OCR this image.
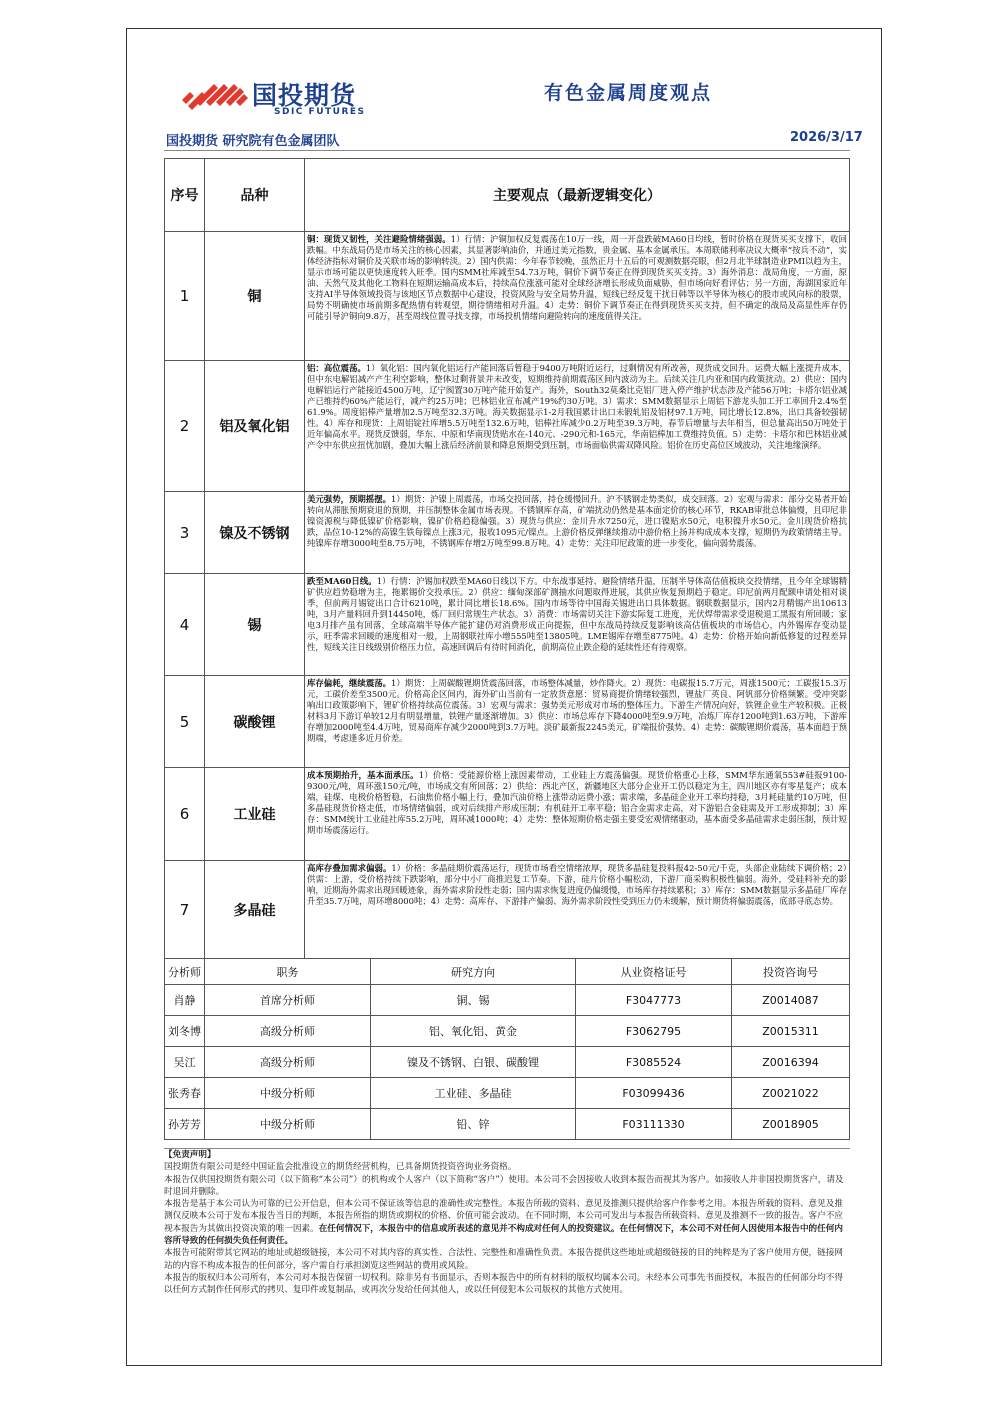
国投期货
SDIC FUTURES
有色金属周度观点
国投期货 研究院有色金属团队	2026/3/17
序号	品种	主要观点（最新逻辑变化）
1	铜	铜：现货又韧性，关注避险情绪强弱。1）行情：沪铜加权反复震荡在10万一线，周一开盘跌破MA60日均线，暂时价格在现货买买支撑下，收回跌幅。中东战局仍是市场关注的核心因素，其显著影响油价，并通过美元指数，贵金属、基本金属承压。本周联储利率决议大概率“按兵不动”，实体经济指标对铜价及关联市场的影响转淡。2）国内供需：今年春节较晚，虽然正月十五后的可观测数据亮眼，但2月北半球制造业PMI以趋为主，显示市场可能以更快速度转入旺季。国内SMM社库减至54.73万吨，铜价下调节奏正在得到现货买买支持。3）海外消息：战局角度，一方面，原油、天然气及其他化工物料在短期运输高成本后，持续高位涨涨可能对全球经济增长形成负面威胁，但市场向好看评估；另一方面，海湖国家近年支持AI半导体领域投资与该地区节点数据中心建设，投资风险与安全局势升温，短线已经反复干扰日韩等以半导体为核心的股市或风向标的股票，局势不明确使市场前期多配热情有转观望，期待情绪相对升温。4）走势：铜价下调节奏正在得到现货买买支持，但不确定的战局及高显性库存仍可能引导沪铜向9.8万，甚至周线位置寻找支撑，市场投机情绪向避险转向的速度值得关注。

2	铝及氧化铝	铝：高位震荡。1）氧化铝：国内氧化铝运行产能回落后暂稳于9400万吨附近运行，过剩情况有所改善，现货成交回升。运费大幅上涨提升成本，但中东电解铝减产产生利空影响，整体过剩背景并未改变，短期维持前期震荡区间内波动为主。后续关注几内亚和国内政策扰动。2）供应：国内电解铝运行产能接近4500万吨，辽宁阂置30万吨产能开始复产。海外，South32莫桑比克铝厂进入停产维护状态涉及产能56万吨；卡塔尔铝业减产已维持约60%产能运行，减产约25万吨；巴林铝业宣布减产19%约30万吨。3）需求：SMM数据显示上周铝下游龙头加工开工率回升2.4%至61.9%。周度铝棒产量增加2.5万吨至32.3万吨。海关数据显示1-2月我国累计出口未锻轧铝及铝材97.1万吨，同比增长12.8%，出口具备较强韧性。4）库存和现货：上周铝锭社库增5.5万吨至132.6万吨，铝棒社库减少0.2万吨至39.3万吨，春节后增量与去年相当，但总量高出50万吨处于近年偏高水平。现货反馈弱，华东、中原和华南现货贴水在-140元、-290元和-165元，华南铝棒加工费维持负值。5）走势：卡塔尔和巴林铝业减产令中东供应扭忧加剧，叠加大幅上涨后经济前景和降息预期受到压制，市场面临供需双降风险。铝价在历史高位区域波动，关注地缘演绎。

3	镍及不锈钢	美元强势，预期摇摆。1）期货：沪镍上周震荡，市场交投回落，持仓缓慢回升。沪不锈钢走势类似，成交回落。2）宏观与需求：部分交易者开始转向从滞胀预期衰退的预期，并压制整体金属市场表现。不锈钢库存高，矿端扰动仍然是基本面定价的核心环节，RKAB审批总体偏慢，且印尼非镍资源税与降低镍矿价格影响，镍矿价格趋稳偏强。3）现货与供应：金川升水7250元，进口镍贴水50元，电积镍升水50元。金川现货价格抗跌，品位10-12%的高镍生铁每镍点上涨3元，报收1095元/镍点。上游价格反弹继续推动中游价格上扬并构成成本支撑，短期仍为政策情绪主导。纯镍库存增3000吨至8.75万吨，不锈钢库存增2万吨至99.8万吨。4）走势：关注印尼政策的进一步变化，偏向弱势震荡。

4	锡	跌至MA60日线。1）行情：沪锡加权跌至MA60日线以下方。中东战事延持、避险情绪升温，压制半导体高估值板块交投情绪，且今年全球锡精矿供应趋势稳增为主，拖累锡价交投承压。2）供应：缅甸深部矿测抽水问题取得进展，其供应恢复预期趋于稳定。印尼前两月配额申请处相对谈季，但前两月锡锭出口合计6210吨，累计同比增长18.6%。国内市场等待中国海关锡进出口具体数据。钢联数据显示，国内2月精锡产出10613吨，3月产量料回升到14450吨，炼厂回归常规生产状态。3）消费：市场需切关注下游实际复工进度，光伏焊带需求受退税退工黑报有所回暖；家电3月排产虽有回落，全球高端半导体产能扩建仍对消费形成正向提振，但中东战局持续反复影响该高估值板块的市场信心，内外锡库存变动显示，旺季需求回暖的速度相对一般，上周钢联社库小增555吨至13805吨。LME锡库存增至8775吨。4）走势：价格开始向新低修复的过程差异性，短线关注日线级别价格压力位，高速回调后有待时间消化，前期高位止跌企稳的延续性还有待观察。

5	碳酸锂	库存偏耗，继续震荡。1）期货：上周碳酸锂期货震荡回落，市场整体减量，炒作降火。2）现货：电碳报15.7万元，周涨1500元；工碳报15.3万元，工碳价差至3500元。价格高企区间内，海外矿山当前有一定放货意愿：贸易商提价情绪较强烈，锂盐厂英良、阿钒部分价格频繁。受冲突影响出口政策影响下，锂矿价格持续高位震荡。3）宏观与需求：强势美元形成对市场的整体压力。下游生产情况向好，铁锂企业生产较积极。正极材料3月下游订单较12月有明显增量，铁锂产量逐渐增加。3）供应：市场总库存下降4000吨至9.9万吨，冶炼厂库存1200吨到1.63万吨，下游库存增加2000吨至4.4万吨，贸易商库存减少2000吨到3.7万吨。淡矿最新报2245美元，矿端报价强势。4）走势：碳酸锂期价震荡，基本面趋于预期端，考虑逢多近月价差。

6	工业硅	成本预期抬升，基本面承压。1）价格：受能源价格上涨因素带动，工业硅上方震荡偏强。现货价格重心上移，SMM华东通氧553#硅报9100-9300元/吨，周环涨150元/吨，市场成交有所回落；2）供给：西北产区，新疆地区大部分企业开工仍以稳定为主，四川地区亦有零星复产；成本端，硅煤、电极价格暂稳，石油焦价格小幅上行，叠加汽油价格上涨带动运费小涨；需求端，多晶硅企业开工率均持稳，3月耗硅量约10万吨，但多晶硅现货价格走低，市场情绪偏弱，或对后续排产形成压制；有机硅开工率平稳；铝合金需求走高，对下游铝合金硅需及开工形成抑制；3）库存：SMM统计工业硅社库55.2万吨，周环减1000吨；4）走势：整体短期价格走强主要受宏观情绪驱动，基本面受多晶硅需求走弱压制，预计短期市场震荡运行。

7	多晶硅	高库存叠加需求偏弱。1）价格：多晶硅期价震荡运行，现货市场看空情绪浓厚，现货多晶硅复投料报42-50元/千克，头部企业陆续下调价格；2）供需：上游，受价格持续下跌影响，部分中小厂商推迟复工节奏。下游，硅片价格小幅松动，下游厂商采购积极性偏弱。海外，受硅料补充的影响，近期海外需求出现回暖迹象，海外需求阶段性走弱；国内需求恢复进度仍偏缓慢，市场库存持续累积；3）库存：SMM数据显示多晶硅厂库存升至35.7万吨，周环增8000吨；4）走势：高库存、下游排产偏弱、海外需求阶段性受到压力仍未缓解，预计期货将偏弱震荡，底部寻底态势。
分析师	职务	研究方向	从业资格证号	投资咨询号
肖静	首席分析师	铜、锡	F3047773	Z0014087
刘冬博	高级分析师	铝、氧化铝、黄金	F3062795	Z0015311
吴江	高级分析师	镍及不锈钢、白银、碳酸锂	F3085524	Z0016394
张秀春	中级分析师	工业硅、多晶硅	F03099436	Z0021022
孙芳芳	中级分析师	铅、锌	F03111330	Z0018905

【免责声明】

国投期货有限公司是经中国证监会批准设立的期货经营机构，已具备期货投资咨询业务资格。

本报告仅供国投期货有限公司（以下简称“本公司”）的机构或个人客户（以下简称“客户”）使用。本公司不会因接收人收到本报告而视其为客户。如接收人并非国投期货客户，请及时退回并删除。

本报告是基于本公司认为可靠的已公开信息，但本公司不保证该等信息的准确性或完整性。本报告所载的资料、意见及推测只提供给客户作参考之用。本报告所载的资料、意见及推测仅反映本公司于发布本报告当日的判断，本报告所指的期货或期权的价格、价值可能会波动。在不同时期，本公司可发出与本报告所载资料、意见及推测不一致的报告。客户不应视本报告为其做出投资决策的唯一因素。在任何情况下，本报告中的信息或所表述的意见并不构成对任何人的投资建议。在任何情况下，本公司不对任何人因使用本报告中的任何内容所导致的任何损失负任何责任。

本报告可能附带其它网站的地址或超级链接，本公司不对其内容的真实性、合法性、完整性和准确性负责。本报告提供这些地址或超级链接的目的纯粹是为了客户使用方便，链接网站的内容不构成本报告的任何部分，客户需自行承担浏览这些网站的费用或风险。

本报告的版权归本公司所有，本公司对本报告保留一切权利。除非另有书面显示，否则本报告中的所有材料的版权均属本公司。未经本公司事先书面授权，本报告的任何部分均不得以任何方式制作任何形式的拷贝、复印件或复制品，或再次分发给任何其他人，或以任何侵犯本公司版权的其他方式使用。
